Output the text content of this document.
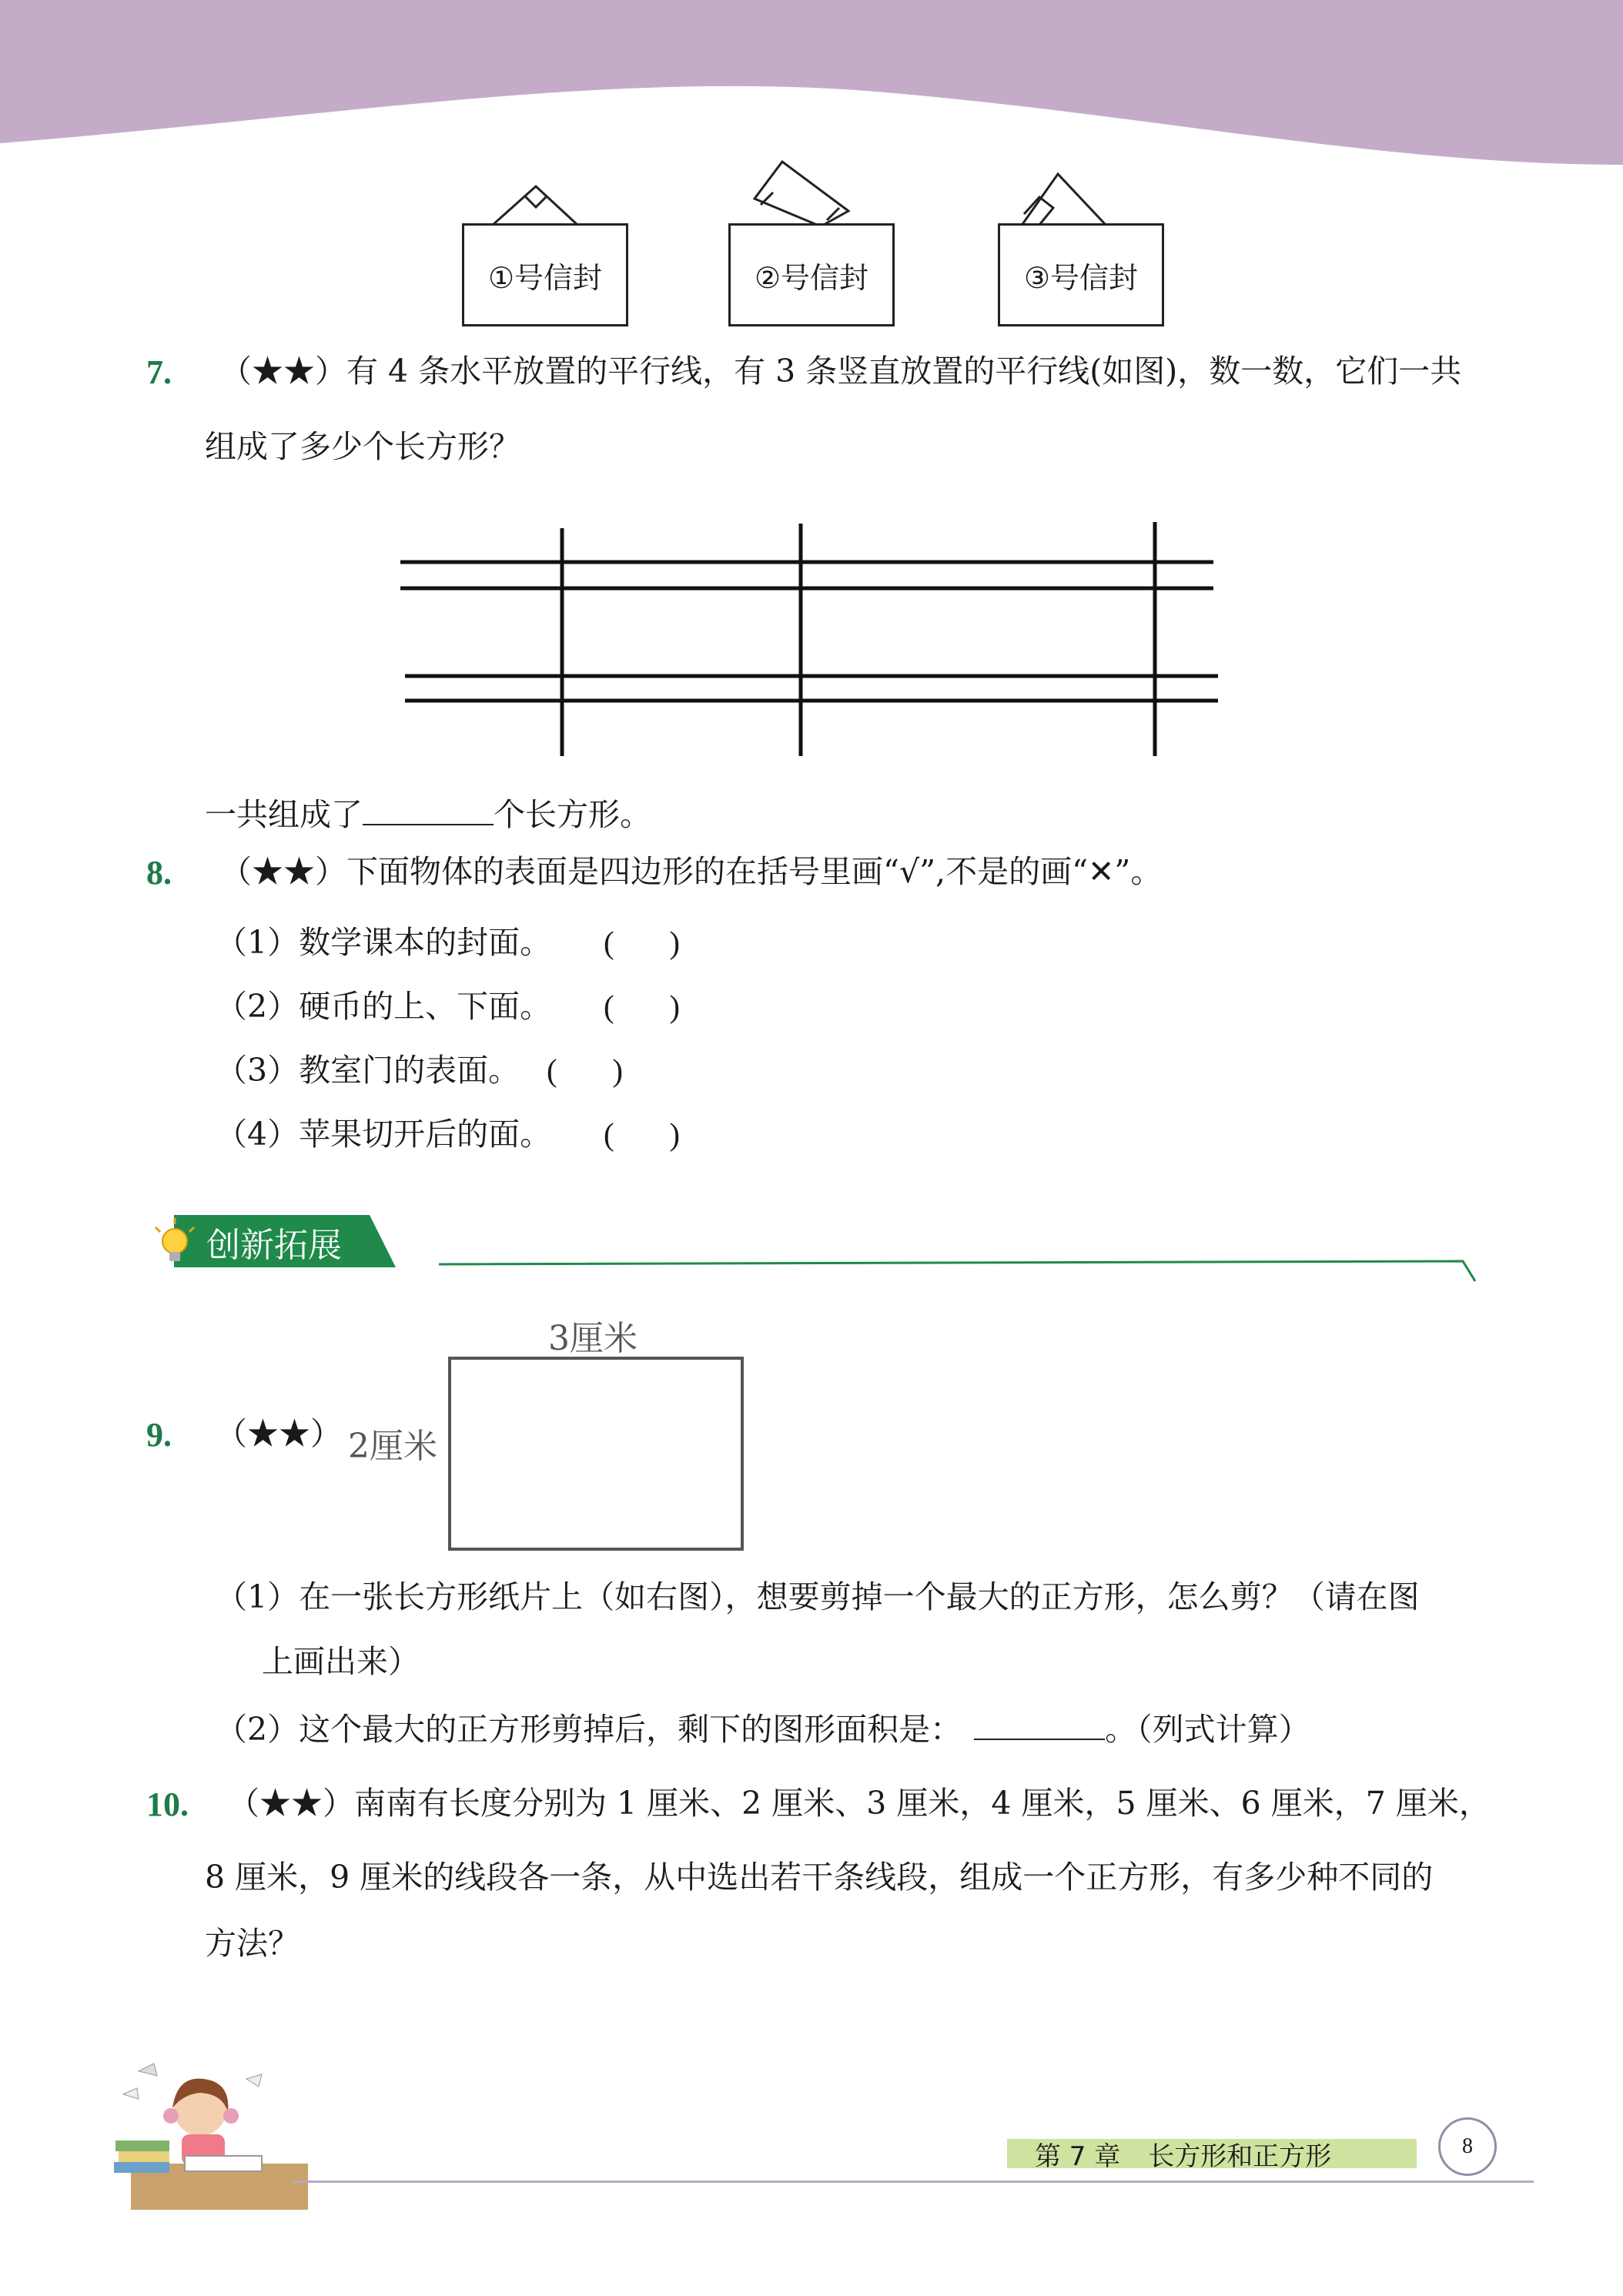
①号信封	②号信封	③号信封
7. （★★）有 4 条水平放置的平行线，有 3 条竖直放置的平行线(如图)，数一数，它们一共
组成了多少个长方形？
一共组成了	个长方形。
8. （★★）下面物体的表面是四边形的在括号里画“√”,不是的画“✕”。
（1）数学课本的封面。 (       )
（2）硬币的上、下面。 (       )
（3）教室门的表面。 (       )
（4）苹果切开后的面。 (       )
创新拓展
9. （★★）
3厘米
2厘米
（1）在一张长方形纸片上（如右图），想要剪掉一个最大的正方形，怎么剪？（请在图
上画出来）
（2）这个最大的正方形剪掉后，剩下的图形面积是：	。（列式计算）
10. （★★）南南有长度分别为 1 厘米、2 厘米、3 厘米，4 厘米，5 厘米、6 厘米，7 厘米，
8 厘米，9 厘米的线段各一条，从中选出若干条线段，组成一个正方形，有多少种不同的
方法？
第 7 章 长方形和正方形	8
